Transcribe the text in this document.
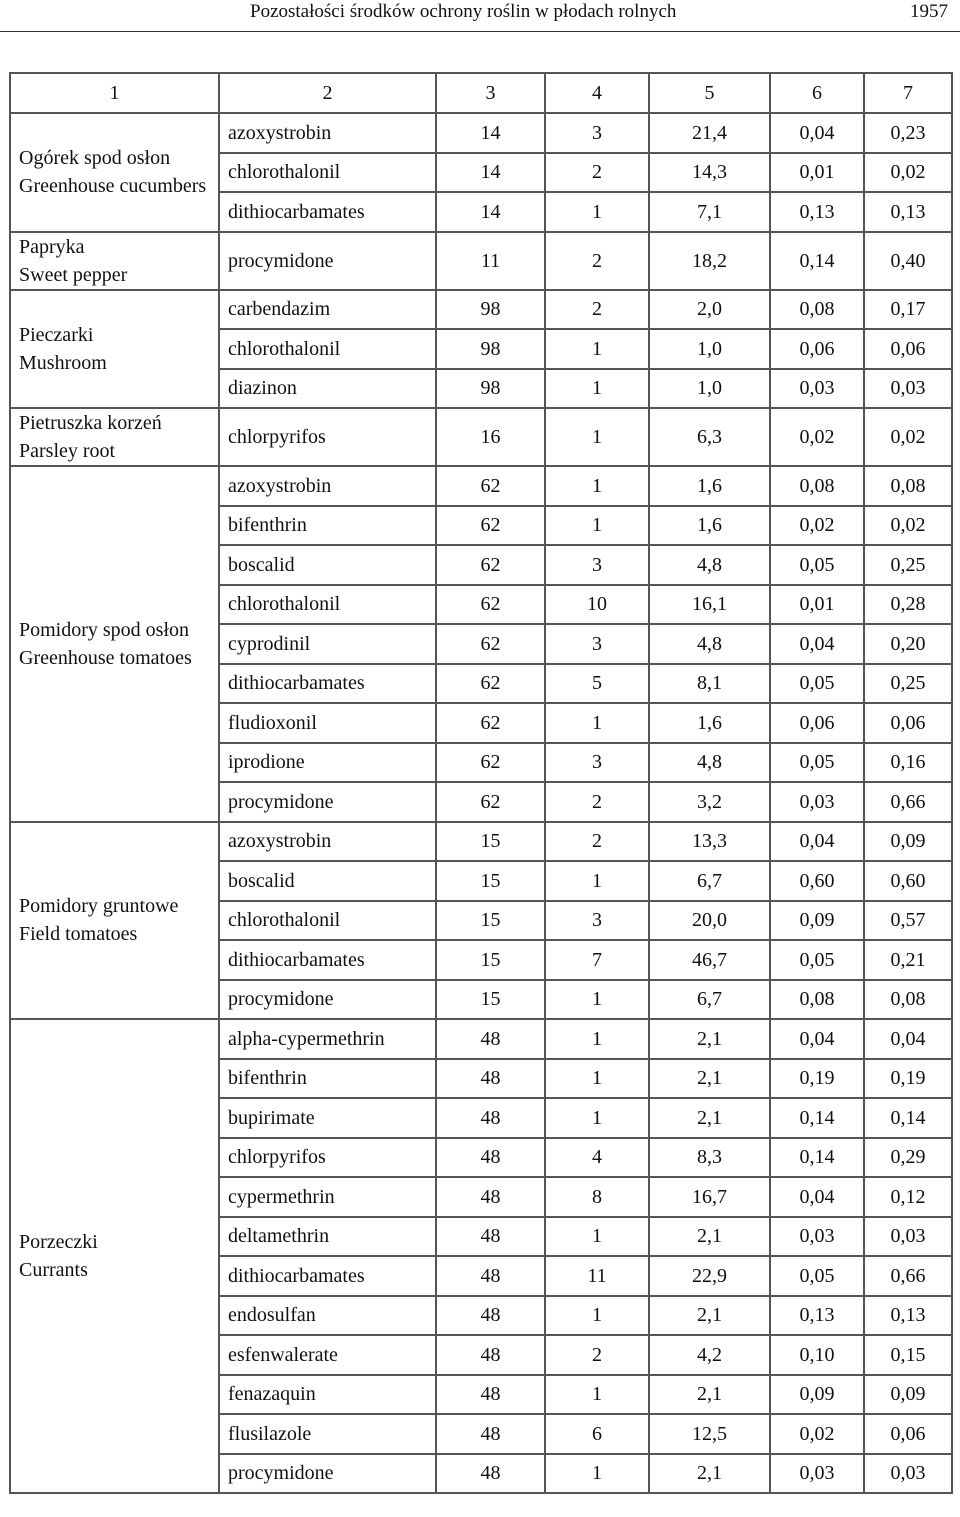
Pozostałości środków ochrony roślin w płodach rolnych	1957
1	2	3	4	5	6	7

Ogórek spod osłon
Greenhouse cucumbers	azoxystrobin	14	3	21,4	0,04	0,23
	chlorothalonil	14	2	14,3	0,01	0,02
	dithiocarbamates	14	1	7,1	0,13	0,13

Papryka
Sweet pepper	procymidone	11	2	18,2	0,14	0,40

Pieczarki
Mushroom	carbendazim	98	2	2,0	0,08	0,17
	chlorothalonil	98	1	1,0	0,06	0,06
	diazinon	98	1	1,0	0,03	0,03

Pietruszka korzeń
Parsley root	chlorpyrifos	16	1	6,3	0,02	0,02

Pomidory spod osłon
Greenhouse tomatoes	azoxystrobin	62	1	1,6	0,08	0,08
	bifenthrin	62	1	1,6	0,02	0,02
	boscalid	62	3	4,8	0,05	0,25
	chlorothalonil	62	10	16,1	0,01	0,28
	cyprodinil	62	3	4,8	0,04	0,20
	dithiocarbamates	62	5	8,1	0,05	0,25
	fludioxonil	62	1	1,6	0,06	0,06
	iprodione	62	3	4,8	0,05	0,16
	procymidone	62	2	3,2	0,03	0,66

Pomidory gruntowe
Field tomatoes	azoxystrobin	15	2	13,3	0,04	0,09
	boscalid	15	1	6,7	0,60	0,60
	chlorothalonil	15	3	20,0	0,09	0,57
	dithiocarbamates	15	7	46,7	0,05	0,21
	procymidone	15	1	6,7	0,08	0,08

Porzeczki
Currants	alpha-cypermethrin	48	1	2,1	0,04	0,04
	bifenthrin	48	1	2,1	0,19	0,19
	bupirimate	48	1	2,1	0,14	0,14
	chlorpyrifos	48	4	8,3	0,14	0,29
	cypermethrin	48	8	16,7	0,04	0,12
	deltamethrin	48	1	2,1	0,03	0,03
	dithiocarbamates	48	11	22,9	0,05	0,66
	endosulfan	48	1	2,1	0,13	0,13
	esfenwalerate	48	2	4,2	0,10	0,15
	fenazaquin	48	1	2,1	0,09	0,09
	flusilazole	48	6	12,5	0,02	0,06
	procymidone	48	1	2,1	0,03	0,03
